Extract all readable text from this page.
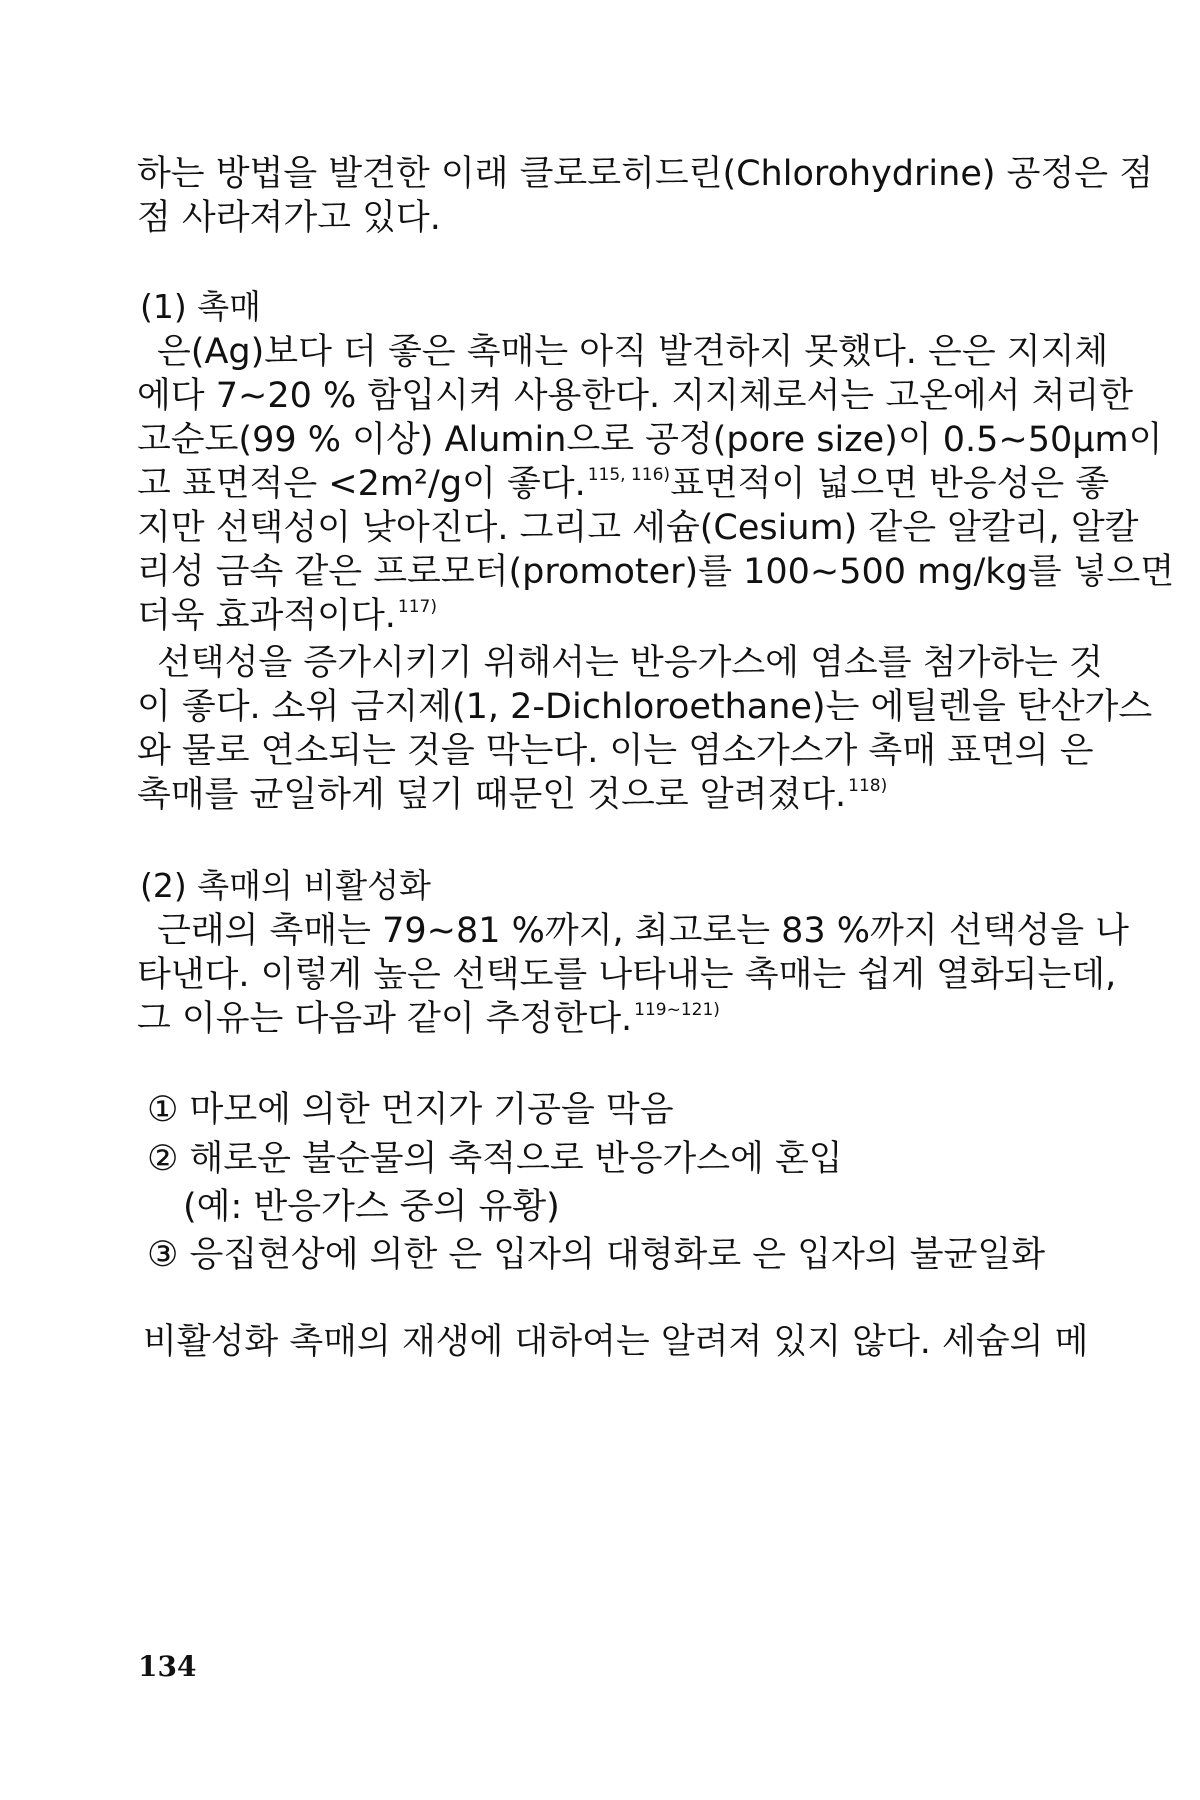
하는 방법을 발견한 이래 클로로히드린(Chlorohydrine) 공정은 점
점 사라져가고 있다.
(1) 촉매
은(Ag)보다 더 좋은 촉매는 아직 발견하지 못했다. 은은 지지체
에다 7~20 % 함입시켜 사용한다. 지지체로서는 고온에서 처리한
고순도(99 % 이상) Alumin으로 공정(pore size)이 0.5~50μm이
고 표면적은 <2m²/g이 좋다. $^{115, 116)}$ 표면적이 넓으면 반응성은 좋
지만 선택성이 낮아진다. 그리고 세슘(Cesium) 같은 알칼리, 알칼
리성 금속 같은 프로모터(promoter)를 100~500 mg/kg를 넣으면
더욱 효과적이다. $^{117)}$
선택성을 증가시키기 위해서는 반응가스에 염소를 첨가하는 것
이 좋다. 소위 금지제(1, 2-Dichloroethane)는 에틸렌을 탄산가스
와 물로 연소되는 것을 막는다. 이는 염소가스가 촉매 표면의 은
촉매를 균일하게 덮기 때문인 것으로 알려졌다. $^{118)}$
(2) 촉매의 비활성화
근래의 촉매는 79~81 %까지, 최고로는 83 %까지 선택성을 나
타낸다. 이렇게 높은 선택도를 나타내는 촉매는 쉽게 열화되는데,
그 이유는 다음과 같이 추정한다. $^{119\sim 121)}$
① 마모에 의한 먼지가 기공을 막음
② 해로운 불순물의 축적으로 반응가스에 혼입
(예: 반응가스 중의 유황)
③ 응집현상에 의한 은 입자의 대형화로 은 입자의 불균일화
비활성화 촉매의 재생에 대하여는 알려져 있지 않다. 세슘의 메
134
